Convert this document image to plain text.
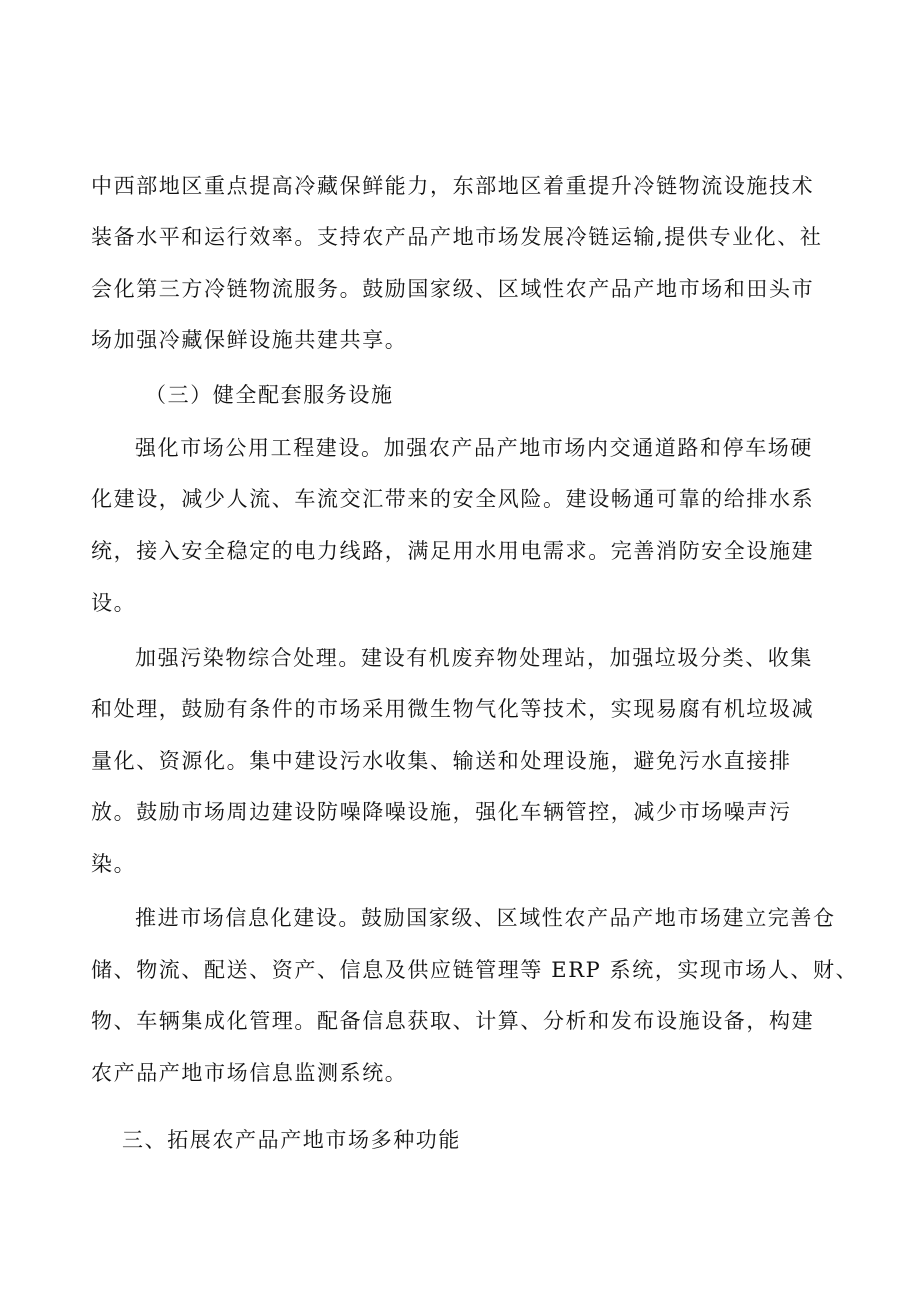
中西部地区重点提高冷藏保鲜能力，东部地区着重提升冷链物流设施技术
装备水平和运行效率。支持农产品产地市场发展冷链运输,提供专业化、社
会化第三方冷链物流服务。鼓励国家级、区域性农产品产地市场和田头市
场加强冷藏保鲜设施共建共享。
（三）健全配套服务设施
强化市场公用工程建设。加强农产品产地市场内交通道路和停车场硬
化建设，减少人流、车流交汇带来的安全风险。建设畅通可靠的给排水系
统，接入安全稳定的电力线路，满足用水用电需求。完善消防安全设施建
设。
加强污染物综合处理。建设有机废弃物处理站，加强垃圾分类、收集
和处理，鼓励有条件的市场采用微生物气化等技术，实现易腐有机垃圾减
量化、资源化。集中建设污水收集、输送和处理设施，避免污水直接排
放。鼓励市场周边建设防噪降噪设施，强化车辆管控，减少市场噪声污
染。
推进市场信息化建设。鼓励国家级、区域性农产品产地市场建立完善仓
储、物流、配送、资产、信息及供应链管理等 ERP 系统，实现市场人、财、
物、车辆集成化管理。配备信息获取、计算、分析和发布设施设备，构建
农产品产地市场信息监测系统。
三、拓展农产品产地市场多种功能
